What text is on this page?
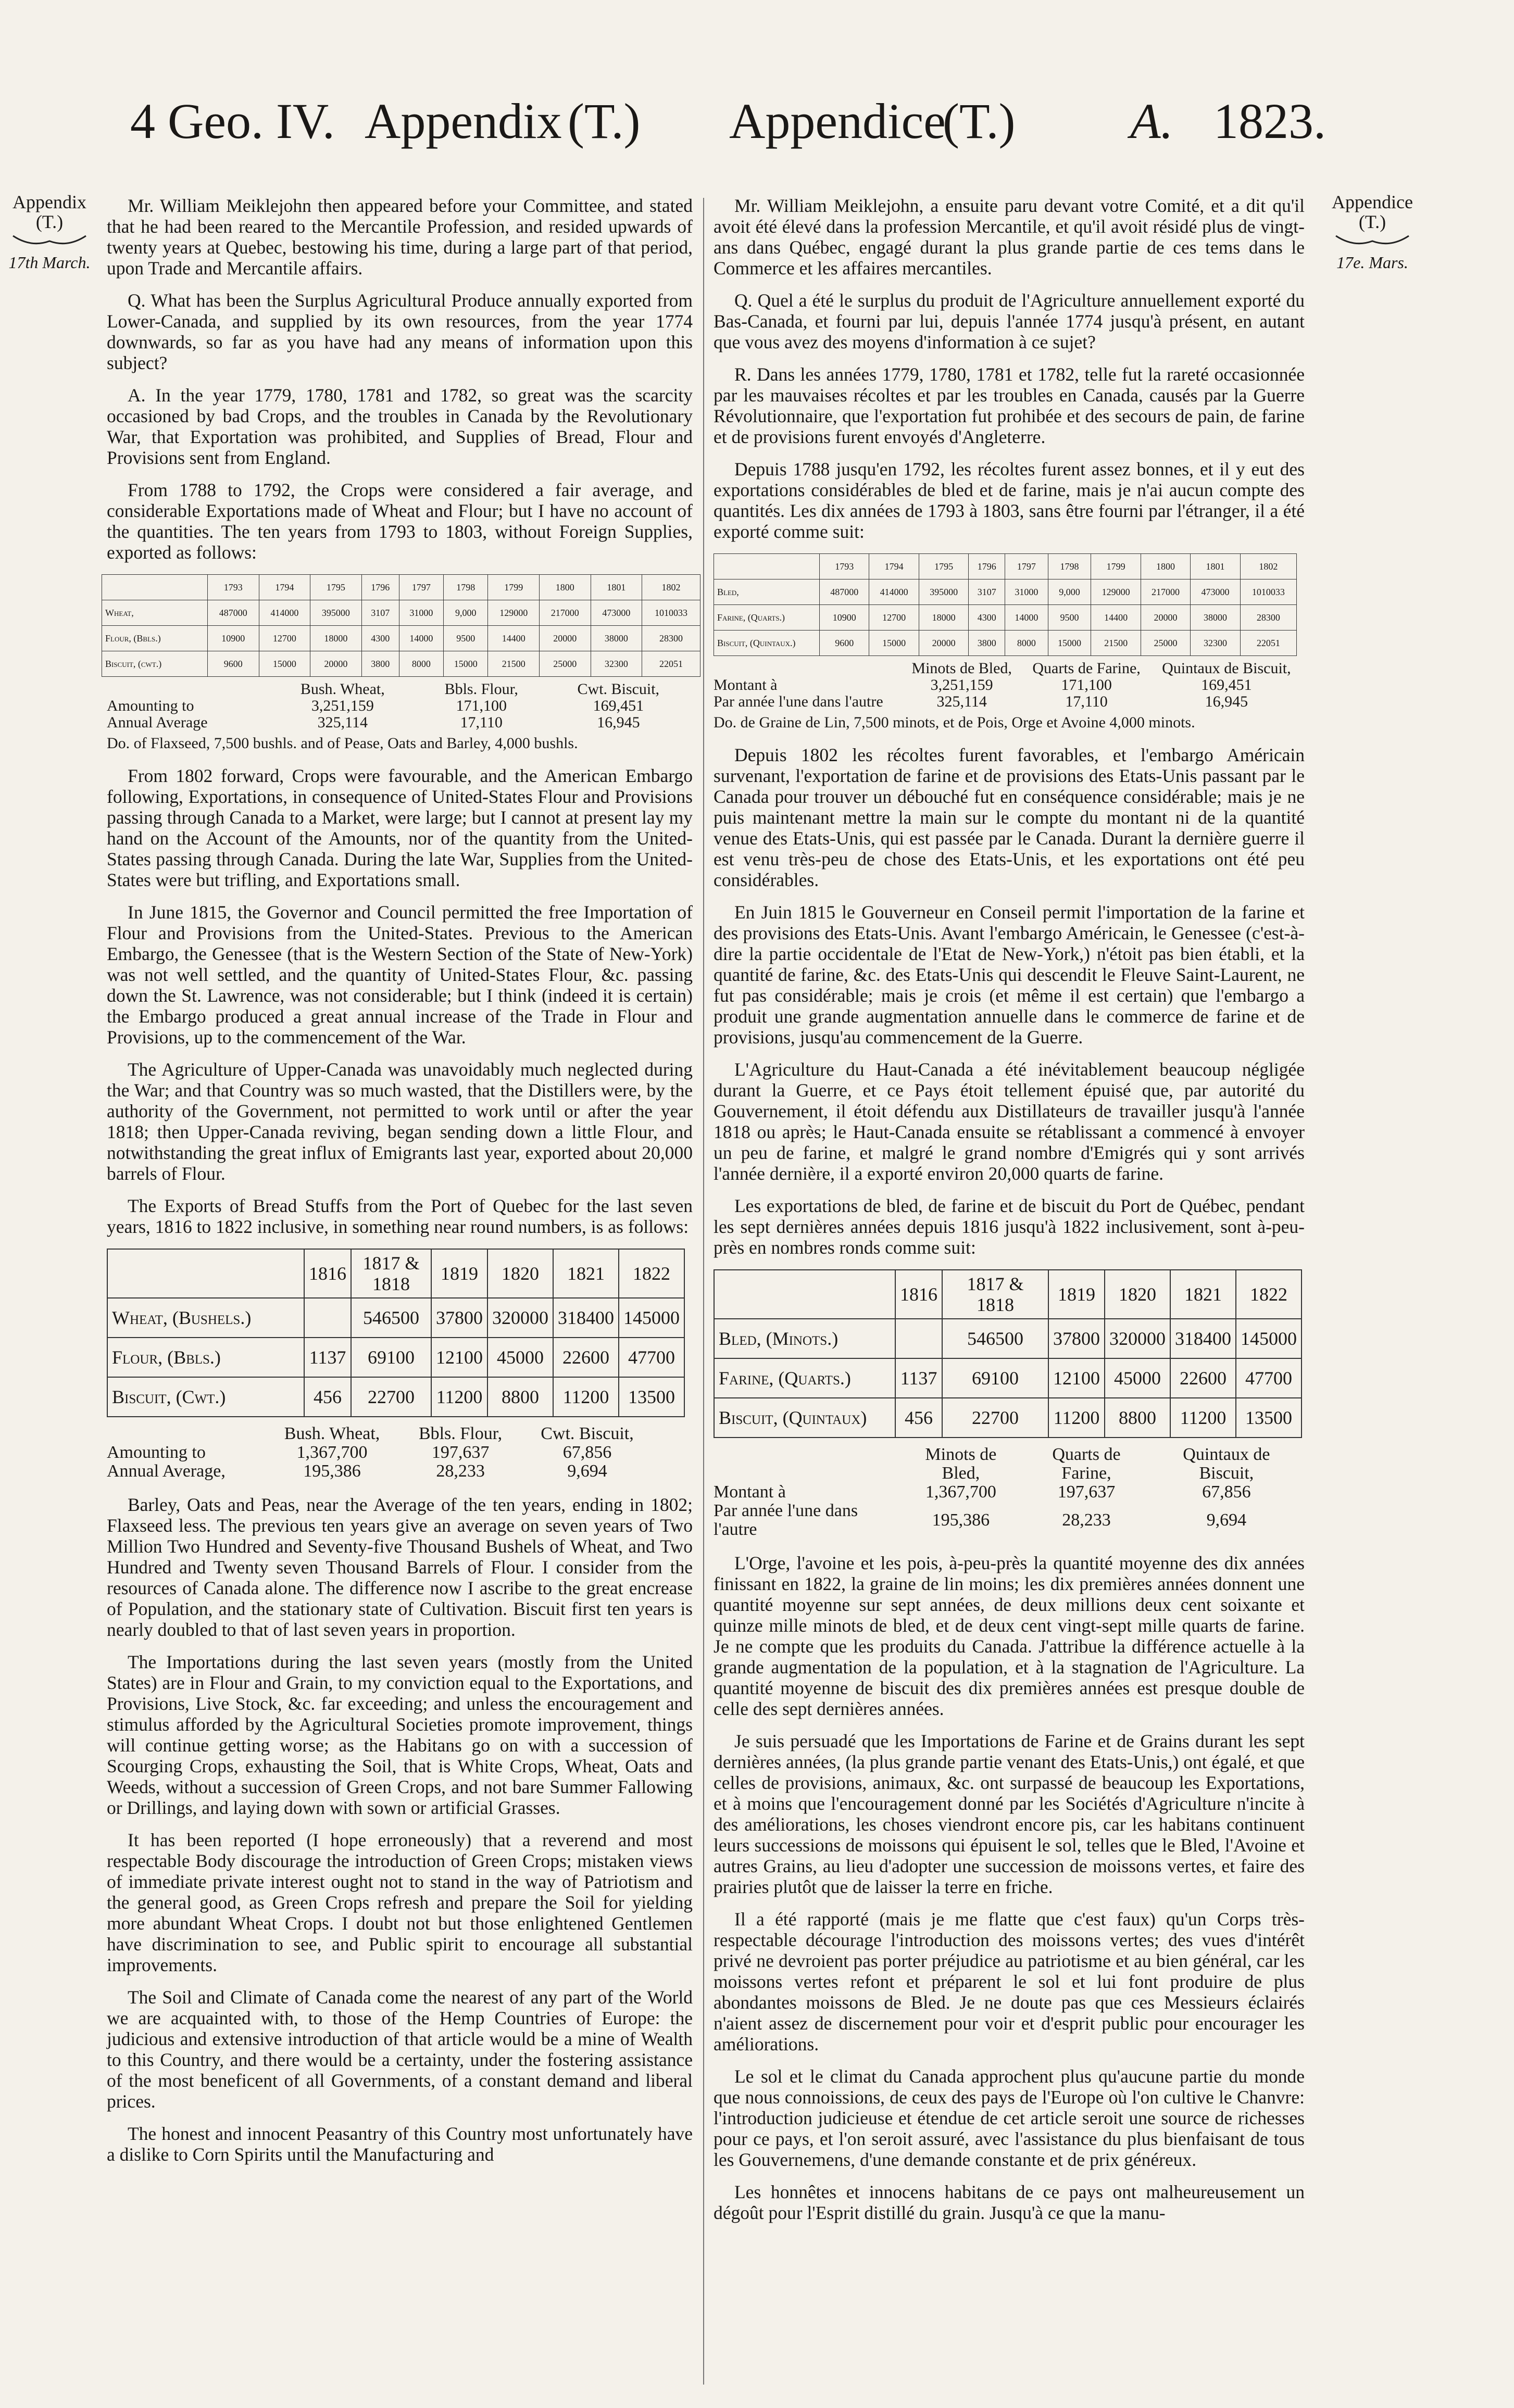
4 Geo. IV. Appendix (T.) Appendice
(T.) A. 1823.
Appendix
(T.)
17th March.
Appendice
(T.)
17e. Mars.

Mr. William Meiklejohn then appeared before your Committee, and stated that he had been reared to the Mercantile Profession, and resided upwards of twenty years at Quebec, bestowing his time, during a large part of that period, upon Trade and Mercantile affairs.

Q. What has been the Surplus Agricultural Produce annually exported from Lower-Canada, and supplied by its own resources, from the year 1774 downwards, so far as you have had any means of information upon this subject?

A. In the year 1779, 1780, 1781 and 1782, so great was the scarcity occasioned by bad Crops, and the troubles in Canada by the Revolutionary War, that Exportation was prohibited, and Supplies of Bread, Flour and Provisions sent from England.

From 1788 to 1792, the Crops were considered a fair average, and considerable Exportations made of Wheat and Flour; but I have no account of the quantities. The ten years from 1793 to 1803, without Foreign Supplies, exported as follows:

	1793	1794	1795	1796	1797	1798	1799	1800	1801	1802
Wheat,	487000	414000	395000	3107	31000	9,000	129000	217000	473000	1010033
Flour, (Bbls.)	10900	12700	18000	4300	14000	9500	14400	20000	38000	28300
Biscuit, (cwt.)	9600	15000	20000	3800	8000	15000	21500	25000	32300	22051
	Bush. Wheat,	Bbls. Flour,	Cwt. Biscuit,
Amounting to	3,251,159	171,100	169,451
Annual Average	325,114	17,110	16,945
Do. of Flaxseed, 7,500 bushls. and of Pease, Oats and Barley, 4,000 bushls.

From 1802 forward, Crops were favourable, and the American Embargo following, Exportations, in consequence of United-States Flour and Provisions passing through Canada to a Market, were large; but I cannot at present lay my hand on the Account of the Amounts, nor of the quantity from the United-States passing through Canada. During the late War, Supplies from the United-States were but trifling, and Exportations small.

In June 1815, the Governor and Council permitted the free Importation of Flour and Provisions from the United-States. Previous to the American Embargo, the Genessee (that is the Western Section of the State of New-York) was not well settled, and the quantity of United-States Flour, &c. passing down the St. Lawrence, was not considerable; but I think (indeed it is certain) the Embargo produced a great annual increase of the Trade in Flour and Provisions, up to the commencement of the War.

The Agriculture of Upper-Canada was unavoidably much neglected during the War; and that Country was so much wasted, that the Distillers were, by the authority of the Government, not permitted to work until or after the year 1818; then Upper-Canada reviving, began sending down a little Flour, and notwithstanding the great influx of Emigrants last year, exported about 20,000 barrels of Flour.

The Exports of Bread Stuffs from the Port of Quebec for the last seven years, 1816 to 1822 inclusive, in something near round numbers, is as follows:

	1816	1817 & 1818	1819	1820	1821	1822
Wheat, (Bushels.)		546500	37800	320000	318400	145000
Flour, (Bbls.)	1137	69100	12100	45000	22600	47700
Biscuit, (Cwt.)	456	22700	11200	8800	11200	13500
	Bush. Wheat,	Bbls. Flour,	Cwt. Biscuit,
Amounting to	1,367,700	197,637	67,856
Annual Average,	195,386	28,233	9,694

Barley, Oats and Peas, near the Average of the ten years, ending in 1802; Flaxseed less. The previous ten years give an average on seven years of Two Million Two Hundred and Seventy-five Thousand Bushels of Wheat, and Two Hundred and Twenty seven Thousand Barrels of Flour. I consider from the resources of Canada alone. The difference now I ascribe to the great encrease of Population, and the stationary state of Cultivation. Biscuit first ten years is nearly doubled to that of last seven years in proportion.

The Importations during the last seven years (mostly from the United States) are in Flour and Grain, to my conviction equal to the Exportations, and Provisions, Live Stock, &c. far exceeding; and unless the encouragement and stimulus afforded by the Agricultural Societies promote improvement, things will continue getting worse; as the Habitans go on with a succession of Scourging Crops, exhausting the Soil, that is White Crops, Wheat, Oats and Weeds, without a succession of Green Crops, and not bare Summer Fallowing or Drillings, and laying down with sown or artificial Grasses.

It has been reported (I hope erroneously) that a reverend and most respectable Body discourage the introduction of Green Crops; mistaken views of immediate private interest ought not to stand in the way of Patriotism and the general good, as Green Crops refresh and prepare the Soil for yielding more abundant Wheat Crops. I doubt not but those enlightened Gentlemen have discrimination to see, and Public spirit to encourage all substantial improvements.

The Soil and Climate of Canada come the nearest of any part of the World we are acquainted with, to those of the Hemp Countries of Europe: the judicious and extensive introduction of that article would be a mine of Wealth to this Country, and there would be a certainty, under the fostering assistance of the most beneficent of all Governments, of a constant demand and liberal prices.

The honest and innocent Peasantry of this Country most unfortunately have a dislike to Corn Spirits until the Manufacturing and

Mr. William Meiklejohn, a ensuite paru devant votre Comité, et a dit qu'il avoit été élevé dans la profession Mercantile, et qu'il avoit résidé plus de vingt-ans dans Québec, engagé durant la plus grande partie de ces tems dans le Commerce et les affaires mercantiles.

Q. Quel a été le surplus du produit de l'Agriculture annuellement exporté du Bas-Canada, et fourni par lui, depuis l'année 1774 jusqu'à présent, en autant que vous avez des moyens d'information à ce sujet?

R. Dans les années 1779, 1780, 1781 et 1782, telle fut la rareté occasionnée par les mauvaises récoltes et par les troubles en Canada, causés par la Guerre Révolutionnaire, que l'exportation fut prohibée et des secours de pain, de farine et de provisions furent envoyés d'Angleterre.

Depuis 1788 jusqu'en 1792, les récoltes furent assez bonnes, et il y eut des exportations considérables de bled et de farine, mais je n'ai aucun compte des quantités. Les dix années de 1793 à 1803, sans être fourni par l'étranger, il a été exporté comme suit:

	1793	1794	1795	1796	1797	1798	1799	1800	1801	1802
Bled,	487000	414000	395000	3107	31000	9,000	129000	217000	473000	1010033
Farine, (Quarts.)	10900	12700	18000	4300	14000	9500	14400	20000	38000	28300
Biscuit, (Quintaux.)	9600	15000	20000	3800	8000	15000	21500	25000	32300	22051
	Minots de Bled,	Quarts de Farine,	Quintaux de Biscuit,
Montant à	3,251,159	171,100	169,451
Par année l'une dans l'autre	325,114	17,110	16,945
Do. de Graine de Lin, 7,500 minots, et de Pois, Orge et Avoine 4,000 minots.

Depuis 1802 les récoltes furent favorables, et l'embargo Américain survenant, l'exportation de farine et de provisions des Etats-Unis passant par le Canada pour trouver un débouché fut en conséquence considérable; mais je ne puis maintenant mettre la main sur le compte du montant ni de la quantité venue des Etats-Unis, qui est passée par le Canada. Durant la dernière guerre il est venu très-peu de chose des Etats-Unis, et les exportations ont été peu considérables.

En Juin 1815 le Gouverneur en Conseil permit l'importation de la farine et des provisions des Etats-Unis. Avant l'embargo Américain, le Genessee (c'est-à-dire la partie occidentale de l'Etat de New-York,) n'étoit pas bien établi, et la quantité de farine, &c. des Etats-Unis qui descendit le Fleuve Saint-Laurent, ne fut pas considérable; mais je crois (et même il est certain) que l'embargo a produit une grande augmentation annuelle dans le commerce de farine et de provisions, jusqu'au commencement de la Guerre.

L'Agriculture du Haut-Canada a été inévitablement beaucoup négligée durant la Guerre, et ce Pays étoit tellement épuisé que, par autorité du Gouvernement, il étoit défendu aux Distillateurs de travailler jusqu'à l'année 1818 ou après; le Haut-Canada ensuite se rétablissant a commencé à envoyer un peu de farine, et malgré le grand nombre d'Emigrés qui y sont arrivés l'année dernière, il a exporté environ 20,000 quarts de farine.

Les exportations de bled, de farine et de biscuit du Port de Québec, pendant les sept dernières années depuis 1816 jusqu'à 1822 inclusivement, sont à-peu-près en nombres ronds comme suit:

	1816	1817 & 1818	1819	1820	1821	1822
Bled, (Minots.)		546500	37800	320000	318400	145000
Farine, (Quarts.)	1137	69100	12100	45000	22600	47700
Biscuit, (Quintaux)	456	22700	11200	8800	11200	13500
	Minots de Bled,	Quarts de Farine,	Quintaux de Biscuit,
Montant à	1,367,700	197,637	67,856
Par année l'une dans l'autre	195,386	28,233	9,694

L'Orge, l'avoine et les pois, à-peu-près la quantité moyenne des dix années finissant en 1822, la graine de lin moins; les dix premières années donnent une quantité moyenne sur sept années, de deux millions deux cent soixante et quinze mille minots de bled, et de deux cent vingt-sept mille quarts de farine. Je ne compte que les produits du Canada. J'attribue la différence actuelle à la grande augmentation de la population, et à la stagnation de l'Agriculture. La quantité moyenne de biscuit des dix premières années est presque double de celle des sept dernières années.

Je suis persuadé que les Importations de Farine et de Grains durant les sept dernières années, (la plus grande partie venant des Etats-Unis,) ont égalé, et que celles de provisions, animaux, &c. ont surpassé de beaucoup les Exportations, et à moins que l'encouragement donné par les Sociétés d'Agriculture n'incite à des améliorations, les choses viendront encore pis, car les habitans continuent leurs successions de moissons qui épuisent le sol, telles que le Bled, l'Avoine et autres Grains, au lieu d'adopter une succession de moissons vertes, et faire des prairies plutôt que de laisser la terre en friche.

Il a été rapporté (mais je me flatte que c'est faux) qu'un Corps très-respectable décourage l'introduction des moissons vertes; des vues d'intérêt privé ne devroient pas porter préjudice au patriotisme et au bien général, car les moissons vertes refont et préparent le sol et lui font produire de plus abondantes moissons de Bled. Je ne doute pas que ces Messieurs éclairés n'aient assez de discernement pour voir et d'esprit public pour encourager les améliorations.

Le sol et le climat du Canada approchent plus qu'aucune partie du monde que nous connoissions, de ceux des pays de l'Europe où l'on cultive le Chanvre: l'introduction judicieuse et étendue de cet article seroit une source de richesses pour ce pays, et l'on seroit assuré, avec l'assistance du plus bienfaisant de tous les Gouvernemens, d'une demande constante et de prix généreux.

Les honnêtes et innocens habitans de ce pays ont malheureusement un dégoût pour l'Esprit distillé du grain. Jusqu'à ce que la manu-
